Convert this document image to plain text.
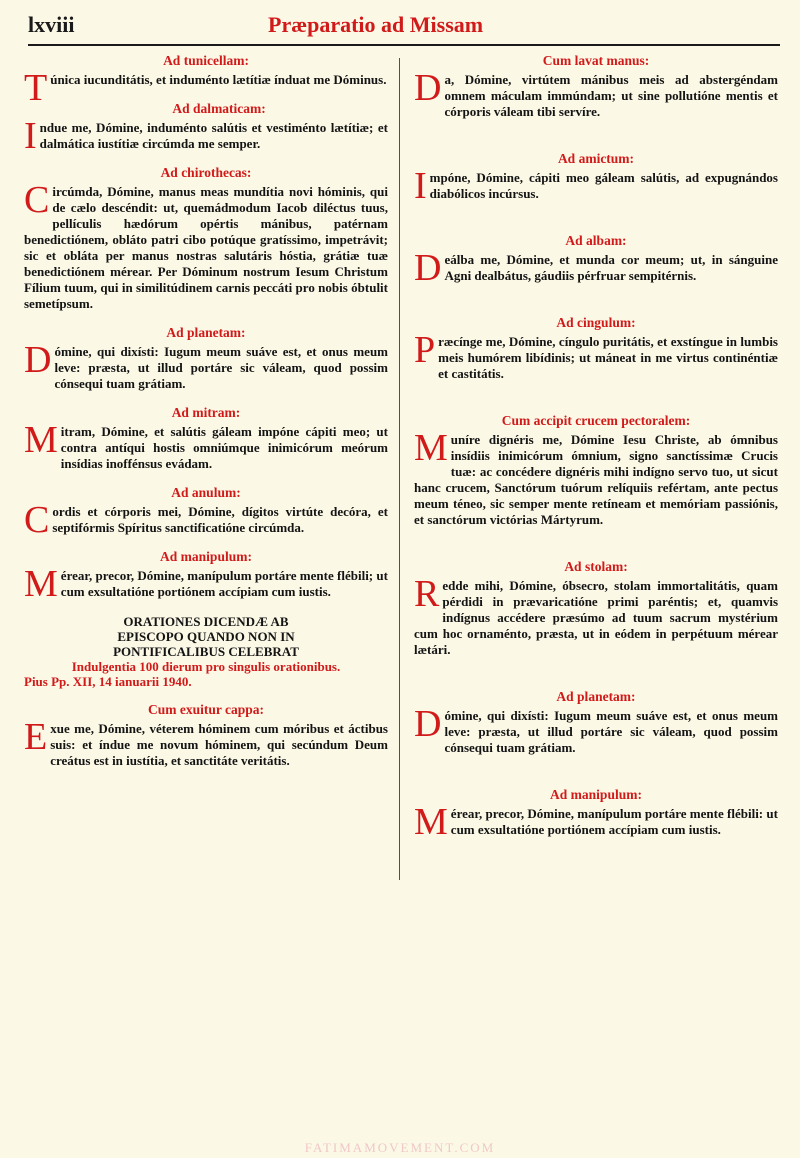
lxviii	Præparatio ad Missam
Ad tunicellam:

Túnica iucunditátis, et induménto lætítiæ índuat me Dóminus.

Ad dalmaticam:

Indue me, Dómine, induménto salútis et vestiménto lætítiæ; et dalmática iustítiæ circúmda me semper.

Ad chirothecas:

Circúmda, Dómine, manus meas mundítia novi hóminis, qui de cælo descéndit: ut, quemádmodum Iacob diléctus tuus, pellículis hædórum opértis mánibus, patérnam benedictiónem, obláto patri cibo potúque gratíssimo, impetrávit; sic et obláta per manus nostras salutáris hóstia, grátiæ tuæ benedictiónem mérear. Per Dóminum nostrum Iesum Christum Fílium tuum, qui in similitúdinem carnis peccáti pro nobis óbtulit semetípsum.

Ad planetam:

Dómine, qui dixísti: Iugum meum suáve est, et onus meum leve: præsta, ut illud portáre sic váleam, quod possim cónsequi tuam grátiam.

Ad mitram:

Mitram, Dómine, et salútis gáleam impóne cápiti meo; ut contra antíqui hostis omniúmque inimicórum meórum insídias inoffénsus evádam.

Ad anulum:

Cordis et córporis mei, Dómine, dígitos virtúte decóra, et septifórmis Spíritus sanctificatióne circúmda.

Ad manipulum:

Mérear, precor, Dómine, manípulum portáre mente flébili; ut cum exsultatióne portiónem accípiam cum iustis.

ORATIONES DICENDÆ AB

EPISCOPO QUANDO NON IN

PONTIFICALIBUS CELEBRAT

Indulgentia 100 dierum pro singulis orationibus.

Pius Pp. XII, 14 ianuarii 1940.

Cum exuitur cappa:

Exue me, Dómine, véterem hóminem cum móribus et áctibus suis: et índue me novum hóminem, qui secúndum Deum creátus est in iustítia, et sanctitáte veritátis.

Cum lavat manus:

Da, Dómine, virtútem mánibus meis ad abstergéndam omnem máculam immúndam; ut sine pollutióne mentis et córporis váleam tibi servíre.

Ad amictum:

Impóne, Dómine, cápiti meo gáleam salútis, ad expugnándos diabólicos incúrsus.

Ad albam:

Deálba me, Dómine, et munda cor meum; ut, in sánguine Agni dealbátus, gáudiis pérfruar sempitérnis.

Ad cingulum:

Præcínge me, Dómine, cíngulo puritátis, et exstíngue in lumbis meis humórem libídinis; ut máneat in me virtus continéntiæ et castitátis.

Cum accipit crucem pectoralem:

Muníre dignéris me, Dómine Iesu Christe, ab ómnibus insídiis inimicórum ómnium, signo sanctíssimæ Crucis tuæ: ac concédere dignéris mihi indígno servo tuo, ut sicut hanc crucem, Sanctórum tuórum relíquiis refértam, ante pectus meum téneo, sic semper mente retíneam et memóriam passiónis, et sanctórum victórias Mártyrum.

Ad stolam:

Redde mihi, Dómine, óbsecro, stolam immortalitátis, quam pérdidi in prævaricatióne primi paréntis; et, quamvis indígnus accédere præsúmo ad tuum sacrum mystérium cum hoc ornaménto, præsta, ut in eódem in perpétuum mérear lætári.

Ad planetam:

Dómine, qui dixísti: Iugum meum suáve est, et onus meum leve: præsta, ut illud portáre sic váleam, quod possim cónsequi tuam grátiam.

Ad manipulum:

Mérear, precor, Dómine, manípulum portáre mente flébili: ut cum exsultatióne portiónem accípiam cum iustis.

FATIMAMOVEMENT.COM
